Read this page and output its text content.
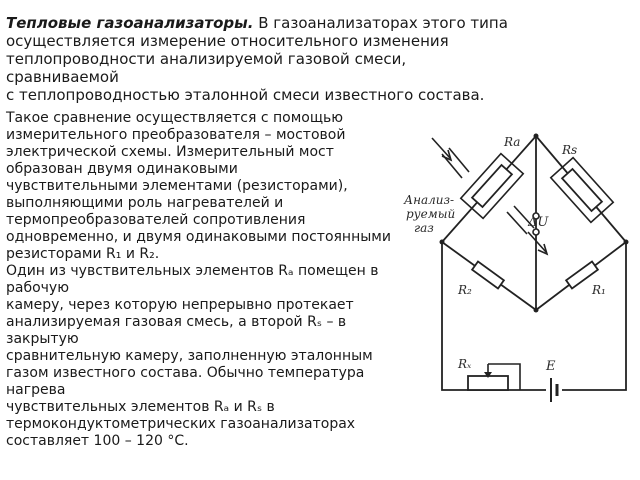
Тепловые газоанализаторы. В газоанализаторах этого типа
осуществляется измерение относительного изменения
теплопроводности анализируемой газовой смеси,
сравниваемой
с теплопроводностью эталонной смеси известного состава.
Такое сравнение осуществляется с помощью
измерительного преобразователя – мостовой
электрической схемы. Измерительный мост
образован двумя одинаковыми
чувствительными элементами (резисторами),
выполняющими роль нагревателей и
термопреобразователей сопротивления
одновременно, и двумя одинаковыми постоянными
резисторами R₁ и R₂.
Один из чувствительных элементов Rₐ помещен в
рабочую
камеру, через которую непрерывно протекает
анализируемая газовая смесь, а второй Rₛ – в
закрытую
сравнительную камеру, заполненную эталонным
газом известного состава. Обычно температура
нагрева
чувствительных элементов Rₐ и Rₛ в
термокондуктометрических газоанализаторах
составляет 100 – 120 °С.
Ra
Rs
R₂	R₁
ΔU
Rₓ	E
Анализ-
руемый
газ
